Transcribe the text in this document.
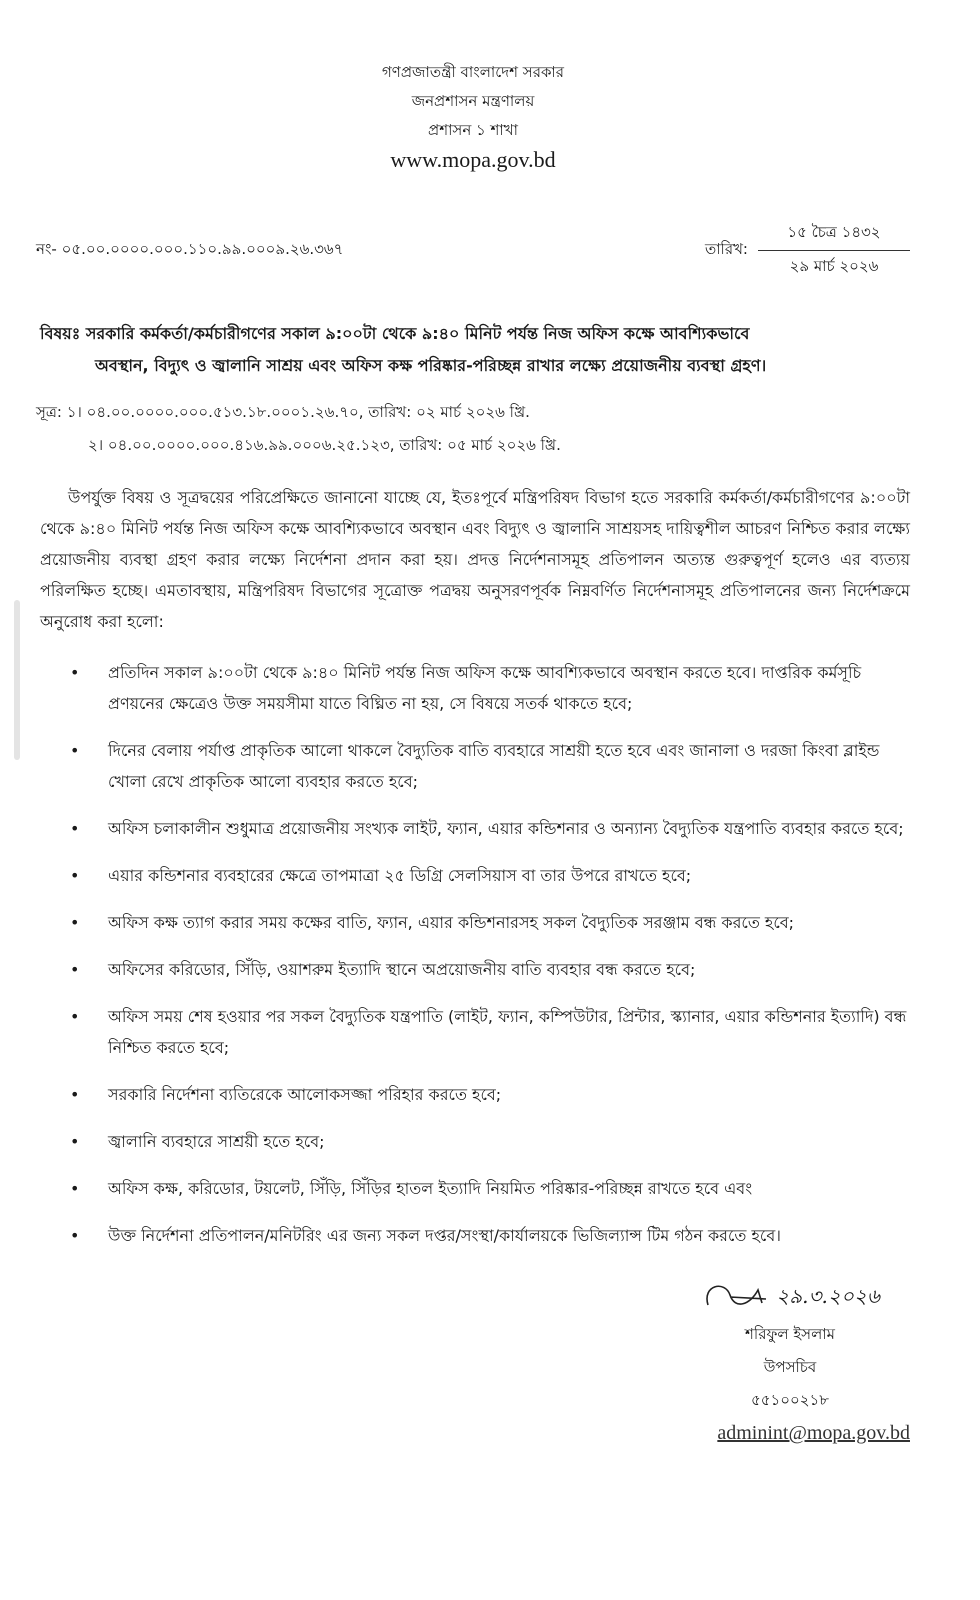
গণপ্রজাতন্ত্রী বাংলাদেশ সরকার
জনপ্রশাসন মন্ত্রণালয়
প্রশাসন ১ শাখা
www.mopa.gov.bd
নং- ০৫.০০.০০০০.০০০.১১০.৯৯.০০০৯.২৬.৩৬৭	তারিখ:
১৫ চৈত্র ১৪৩২
২৯ মার্চ ২০২৬
বিষয়ঃ সরকারি কর্মকর্তা/কর্মচারীগণের সকাল ৯:০০টা থেকে ৯:৪০ মিনিট পর্যন্ত নিজ অফিস কক্ষে আবশ্যিকভাবে
অবস্থান, বিদ্যুৎ ও জ্বালানি সাশ্রয় এবং অফিস কক্ষ পরিষ্কার-পরিচ্ছন্ন রাখার লক্ষ্যে প্রয়োজনীয় ব্যবস্থা গ্রহণ।
সূত্র: ১। ০৪.০০.০০০০.০০০.৫১৩.১৮.০০০১.২৬.৭০, তারিখ: ০২ মার্চ ২০২৬ খ্রি.
২। ০৪.০০.০০০০.০০০.৪১৬.৯৯.০০০৬.২৫.১২৩, তারিখ: ০৫ মার্চ ২০২৬ খ্রি.
উপর্যুক্ত বিষয় ও সূত্রদ্বয়ের পরিপ্রেক্ষিতে জানানো যাচ্ছে যে, ইতঃপূর্বে মন্ত্রিপরিষদ বিভাগ হতে সরকারি কর্মকর্তা/কর্মচারীগণের ৯:০০টা থেকে ৯:৪০ মিনিট পর্যন্ত নিজ অফিস কক্ষে আবশ্যিকভাবে অবস্থান এবং বিদ্যুৎ ও জ্বালানি সাশ্রয়সহ দায়িত্বশীল আচরণ নিশ্চিত করার লক্ষ্যে প্রয়োজনীয় ব্যবস্থা গ্রহণ করার লক্ষ্যে নির্দেশনা প্রদান করা হয়। প্রদত্ত নির্দেশনাসমূহ প্রতিপালন অত্যন্ত গুরুত্বপূর্ণ হলেও এর ব্যত্যয় পরিলক্ষিত হচ্ছে। এমতাবস্থায়, মন্ত্রিপরিষদ বিভাগের সূত্রোক্ত পত্রদ্বয় অনুসরণপূর্বক নিম্নবর্ণিত নির্দেশনাসমূহ প্রতিপালনের জন্য নির্দেশক্রমে অনুরোধ করা হলো:
• প্রতিদিন সকাল ৯:০০টা থেকে ৯:৪০ মিনিট পর্যন্ত নিজ অফিস কক্ষে আবশ্যিকভাবে অবস্থান করতে হবে। দাপ্তরিক কর্মসূচি প্রণয়নের ক্ষেত্রেও উক্ত সময়সীমা যাতে বিঘ্নিত না হয়, সে বিষয়ে সতর্ক থাকতে হবে;
• দিনের বেলায় পর্যাপ্ত প্রাকৃতিক আলো থাকলে বৈদ্যুতিক বাতি ব্যবহারে সাশ্রয়ী হতে হবে এবং জানালা ও দরজা কিংবা ব্লাইন্ড খোলা রেখে প্রাকৃতিক আলো ব্যবহার করতে হবে;
• অফিস চলাকালীন শুধুমাত্র প্রয়োজনীয় সংখ্যক লাইট, ফ্যান, এয়ার কন্ডিশনার ও অন্যান্য বৈদ্যুতিক যন্ত্রপাতি ব্যবহার করতে হবে;
• এয়ার কন্ডিশনার ব্যবহারের ক্ষেত্রে তাপমাত্রা ২৫ ডিগ্রি সেলসিয়াস বা তার উপরে রাখতে হবে;
• অফিস কক্ষ ত্যাগ করার সময় কক্ষের বাতি, ফ্যান, এয়ার কন্ডিশনারসহ সকল বৈদ্যুতিক সরঞ্জাম বন্ধ করতে হবে;
• অফিসের করিডোর, সিঁড়ি, ওয়াশরুম ইত্যাদি স্থানে অপ্রয়োজনীয় বাতি ব্যবহার বন্ধ করতে হবে;
• অফিস সময় শেষ হওয়ার পর সকল বৈদ্যুতিক যন্ত্রপাতি (লাইট, ফ্যান, কম্পিউটার, প্রিন্টার, স্ক্যানার, এয়ার কন্ডিশনার ইত্যাদি) বন্ধ নিশ্চিত করতে হবে;
• সরকারি নির্দেশনা ব্যতিরেকে আলোকসজ্জা পরিহার করতে হবে;
• জ্বালানি ব্যবহারে সাশ্রয়ী হতে হবে;
• অফিস কক্ষ, করিডোর, টয়লেট, সিঁড়ি, সিঁড়ির হাতল ইত্যাদি নিয়মিত পরিষ্কার-পরিচ্ছন্ন রাখতে হবে এবং
• উক্ত নির্দেশনা প্রতিপালন/মনিটরিং এর জন্য সকল দপ্তর/সংস্থা/কার্যালয়কে ভিজিল্যান্স টিম গঠন করতে হবে।
২৯.৩.২০২৬
শরিফুল ইসলাম
উপসচিব
৫৫১০০২১৮
adminint@mopa.gov.bd
